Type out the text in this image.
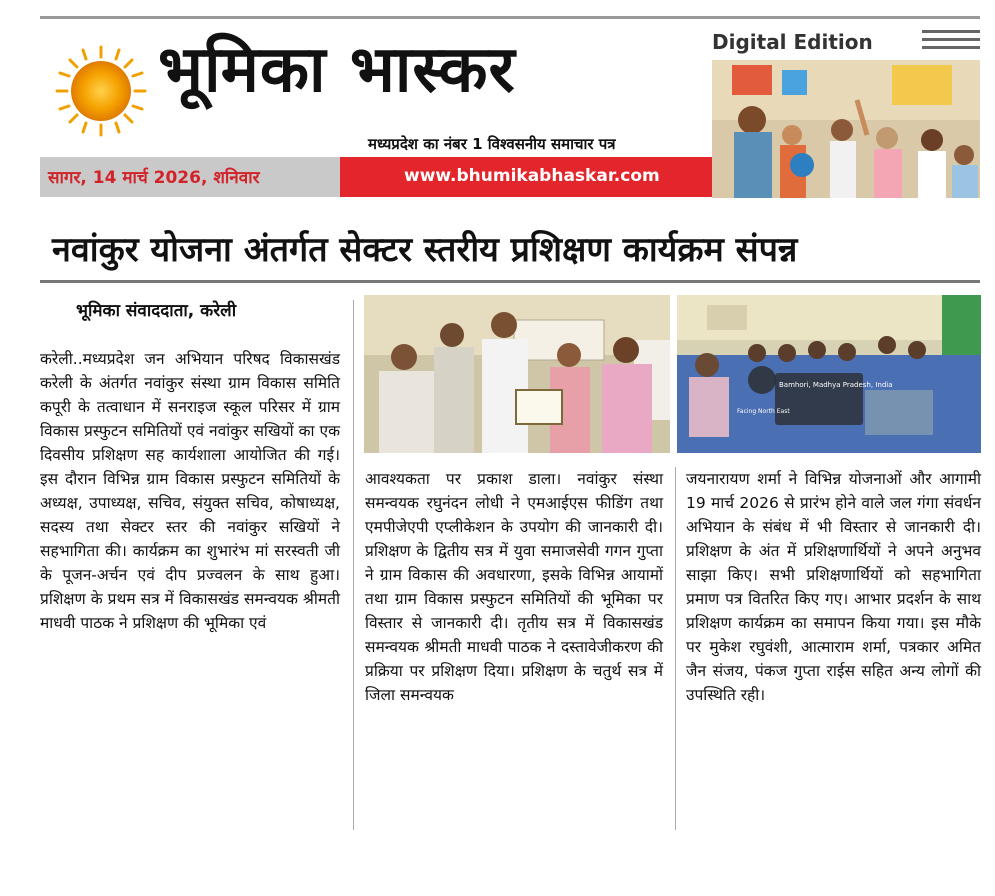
भूमिका भास्कर
मध्यप्रदेश का नंबर 1 विश्वसनीय समाचार पत्र
सागर, 14 मार्च 2026, शनिवार	www.bhumikabhaskar.com
Digital Edition
नवांकुर योजना अंतर्गत सेक्टर स्तरीय प्रशिक्षण कार्यक्रम संपन्न
भूमिका संवाददाता, करेली
Bamhori, Madhya Pradesh, India
Facing North East
करेली..मध्यप्रदेश जन अभियान परिषद विकासखंड करेली के अंतर्गत नवांकुर संस्था ग्राम विकास समिति कपूरी के तत्वाधान में सनराइज स्कूल परिसर में ग्राम विकास प्रस्फुटन समितियों एवं नवांकुर सखियों का एक दिवसीय प्रशिक्षण सह कार्यशाला आयोजित की गई। इस दौरान विभिन्न ग्राम विकास प्रस्फुटन समितियों के अध्यक्ष, उपाध्यक्ष, सचिव, संयुक्त सचिव, कोषाध्यक्ष, सदस्य तथा सेक्टर स्तर की नवांकुर सखियों ने सहभागिता की। कार्यक्रम का शुभारंभ मां सरस्वती जी के पूजन-अर्चन एवं दीप प्रज्वलन के साथ हुआ। प्रशिक्षण के प्रथम सत्र में विकासखंड समन्वयक श्रीमती माधवी पाठक ने प्रशिक्षण की भूमिका एवं
आवश्यकता पर प्रकाश डाला। नवांकुर संस्था समन्वयक रघुनंदन लोधी ने एमआईएस फीडिंग तथा एमपीजेएपी एप्लीकेशन के उपयोग की जानकारी दी। प्रशिक्षण के द्वितीय सत्र में युवा समाजसेवी गगन गुप्ता ने ग्राम विकास की अवधारणा, इसके विभिन्न आयामों तथा ग्राम विकास प्रस्फुटन समितियों की भूमिका पर विस्तार से जानकारी दी। तृतीय सत्र में विकासखंड समन्वयक श्रीमती माधवी पाठक ने दस्तावेजीकरण की प्रक्रिया पर प्रशिक्षण दिया। प्रशिक्षण के चतुर्थ सत्र में जिला समन्वयक
जयनारायण शर्मा ने विभिन्न योजनाओं और आगामी 19 मार्च 2026 से प्रारंभ होने वाले जल गंगा संवर्धन अभियान के संबंध में भी विस्तार से जानकारी दी। प्रशिक्षण के अंत में प्रशिक्षणार्थियों ने अपने अनुभव साझा किए। सभी प्रशिक्षणार्थियों को सहभागिता प्रमाण पत्र वितरित किए गए। आभार प्रदर्शन के साथ प्रशिक्षण कार्यक्रम का समापन किया गया। इस मौके पर मुकेश रघुवंशी, आत्माराम शर्मा, पत्रकार अमित जैन संजय, पंकज गुप्ता राईस सहित अन्य लोगों की उपस्थिति रही।
